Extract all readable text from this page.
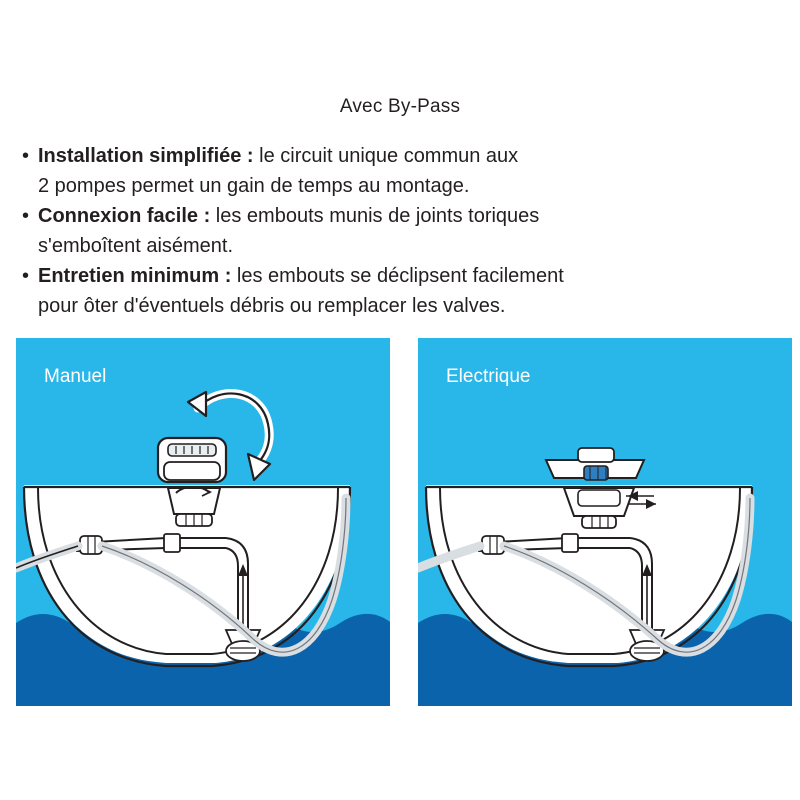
Avec By-Pass
• Installation simplifiée : le circuit unique commun aux
2 pompes permet un gain de temps au montage.
• Connexion facile : les embouts munis de joints toriques
s'emboîtent aisément.
• Entretien minimum : les embouts se déclipsent facilement
pour ôter d'éventuels débris ou remplacer les valves.
Manuel	Electrique
